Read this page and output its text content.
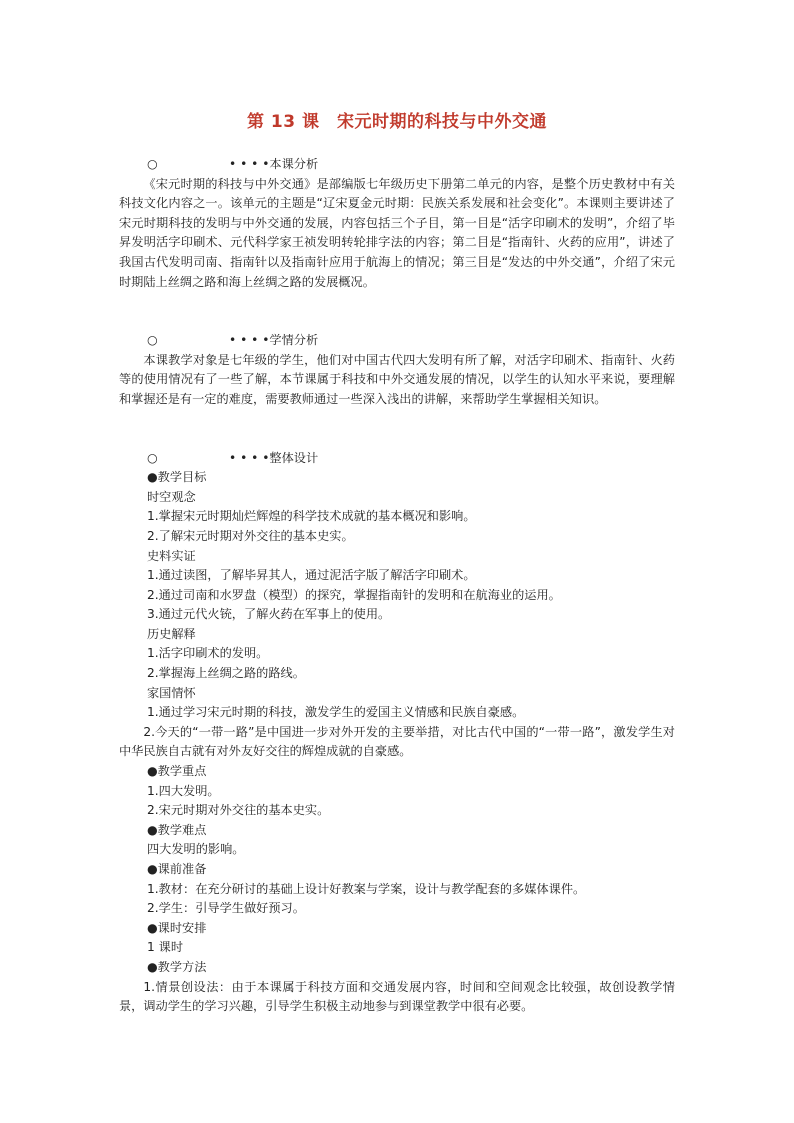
第 13 课　宋元时期的科技与中外交通

○	• • • •本课分析

《宋元时期的科技与中外交通》是部编版七年级历史下册第二单元的内容，是整个历史教材中有关科技文化内容之一。该单元的主题是“辽宋夏金元时期：民族关系发展和社会变化”。本课则主要讲述了宋元时期科技的发明与中外交通的发展，内容包括三个子目，第一目是“活字印刷术的发明”，介绍了毕昇发明活字印刷术、元代科学家王祯发明转轮排字法的内容；第二目是“指南针、火药的应用”，讲述了我国古代发明司南、指南针以及指南针应用于航海上的情况；第三目是“发达的中外交通”，介绍了宋元时期陆上丝绸之路和海上丝绸之路的发展概况。

○	• • • •学情分析

本课教学对象是七年级的学生，他们对中国古代四大发明有所了解，对活字印刷术、指南针、火药等的使用情况有了一些了解，本节课属于科技和中外交通发展的情况，以学生的认知水平来说，要理解和掌握还是有一定的难度，需要教师通过一些深入浅出的讲解，来帮助学生掌握相关知识。

○	• • • •整体设计

●教学目标

时空观念

1.掌握宋元时期灿烂辉煌的科学技术成就的基本概况和影响。

2.了解宋元时期对外交往的基本史实。

史料实证

1.通过读图，了解毕昇其人，通过泥活字版了解活字印刷术。

2.通过司南和水罗盘（模型）的探究，掌握指南针的发明和在航海业的运用。

3.通过元代火铳，了解火药在军事上的使用。

历史解释

1.活字印刷术的发明。

2.掌握海上丝绸之路的路线。

家国情怀

1.通过学习宋元时期的科技，激发学生的爱国主义情感和民族自豪感。

2.今天的“一带一路”是中国进一步对外开发的主要举措，对比古代中国的“一带一路”，激发学生对中华民族自古就有对外友好交往的辉煌成就的自豪感。

●教学重点

1.四大发明。

2.宋元时期对外交往的基本史实。

●教学难点

四大发明的影响。

●课前准备

1.教材：在充分研讨的基础上设计好教案与学案，设计与教学配套的多媒体课件。

2.学生：引导学生做好预习。

●课时安排

1 课时

●教学方法

1.情景创设法：由于本课属于科技方面和交通发展内容，时间和空间观念比较强，故创设教学情景，调动学生的学习兴趣，引导学生积极主动地参与到课堂教学中很有必要。
